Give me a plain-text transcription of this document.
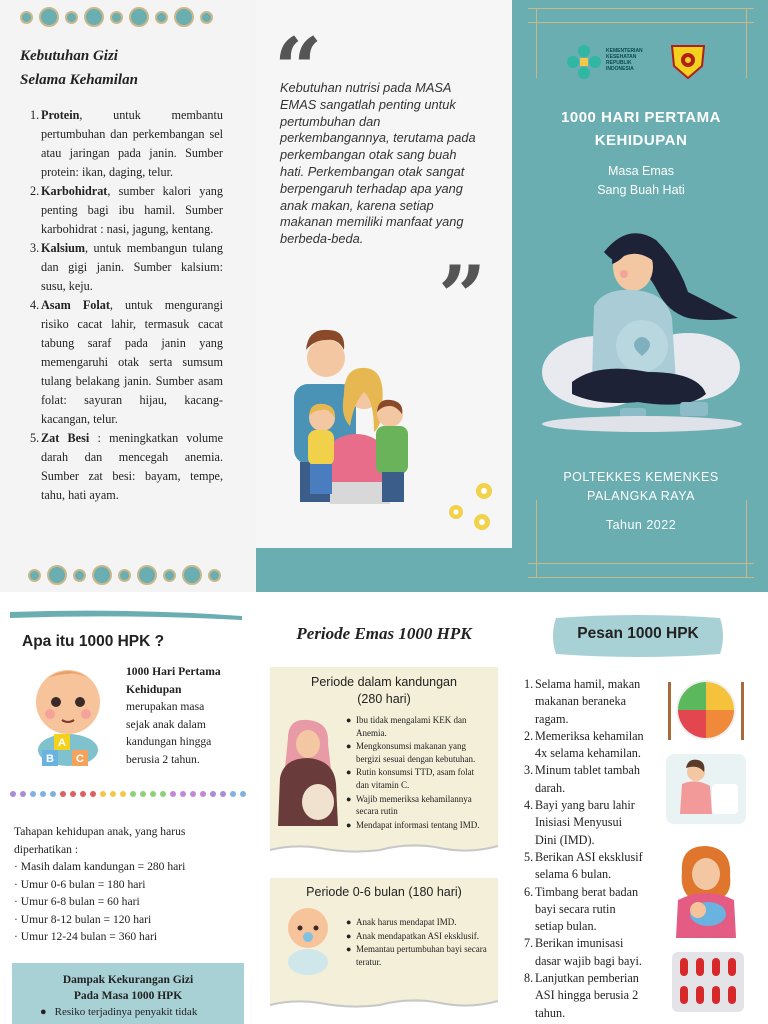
Kebutuhan Gizi
Selama Kehamilan
1. Protein, untuk membantu pertumbuhan dan perkembangan sel atau jaringan pada janin. Sumber protein: ikan, daging, telur.
2. Karbohidrat, sumber kalori yang penting bagi ibu hamil. Sumber karbohidrat : nasi, jagung, kentang.
3. Kalsium, untuk membangun tulang dan gigi janin. Sumber kalsium: susu, keju.
4. Asam Folat, untuk mengurangi risiko cacat lahir, termasuk cacat tabung saraf pada janin yang memengaruhi otak serta sumsum tulang belakang janin. Sumber asam folat: sayuran hijau, kacang-kacangan, telur.
5. Zat Besi : meningkatkan volume darah dan mencegah anemia. Sumber zat besi: bayam, tempe, tahu, hati ayam.
“
Kebutuhan nutrisi pada MASA EMAS sangatlah penting untuk pertumbuhan dan perkembangannya, terutama pada perkembangan otak sang buah hati. Perkembangan otak sangat berpengaruh terhadap apa yang anak makan, karena setiap makanan memiliki manfaat yang berbeda-beda.
”
KEMENTERIAN
KESEHATAN
REPUBLIK
INDONESIA
1000 HARI PERTAMA
KEHIDUPAN
Masa Emas
Sang Buah Hati
POLTEKKES KEMENKES
PALANGKA RAYA
Tahun 2022
Apa itu 1000 HPK ?
A
B C
1000 Hari Pertama
Kehidupan
merupakan masa
sejak anak dalam
kandungan hingga
berusia 2 tahun.
Tahapan kehidupan anak, yang harus
diperhatikan :
· Masih dalam kandungan = 280 hari
· Umur 0-6 bulan = 180 hari
· Umur 6-8 bulan = 60 hari
· Umur 8-12 bulan = 120 hari
· Umur 12-24 bulan = 360 hari
Dampak Kekurangan Gizi
Pada Masa 1000 HPK
● Resiko terjadinya penyakit tidak
Periode Emas 1000 HPK
Periode dalam kandungan
(280 hari)
● Ibu tidak mengalami KEK dan Anemia.
● Mengkonsumsi makanan yang bergizi sesuai dengan kebutuhan.
● Rutin konsumsi TTD, asam folat dan vitamin C.
● Wajib memeriksa kehamilannya secara rutin
● Mendapat informasi tentang IMD.
Periode 0-6 bulan (180 hari)
● Anak harus mendapat IMD.
● Anak mendapatkan ASI eksklusif.
● Memantau pertumbuhan bayi secara teratur.
Pesan 1000 HPK
1. Selama hamil, makan
makanan beraneka
ragam.
2. Memeriksa kehamilan
4x selama kehamilan.
3. Minum tablet tambah
darah.
4. Bayi yang baru lahir
Inisiasi Menyusui
Dini (IMD).
5. Berikan ASI eksklusif
selama 6 bulan.
6. Timbang berat badan
bayi secara rutin
setiap bulan.
7. Berikan imunisasi
dasar wajib bagi bayi.
8. Lanjutkan pemberian
ASI hingga berusia 2
tahun.
